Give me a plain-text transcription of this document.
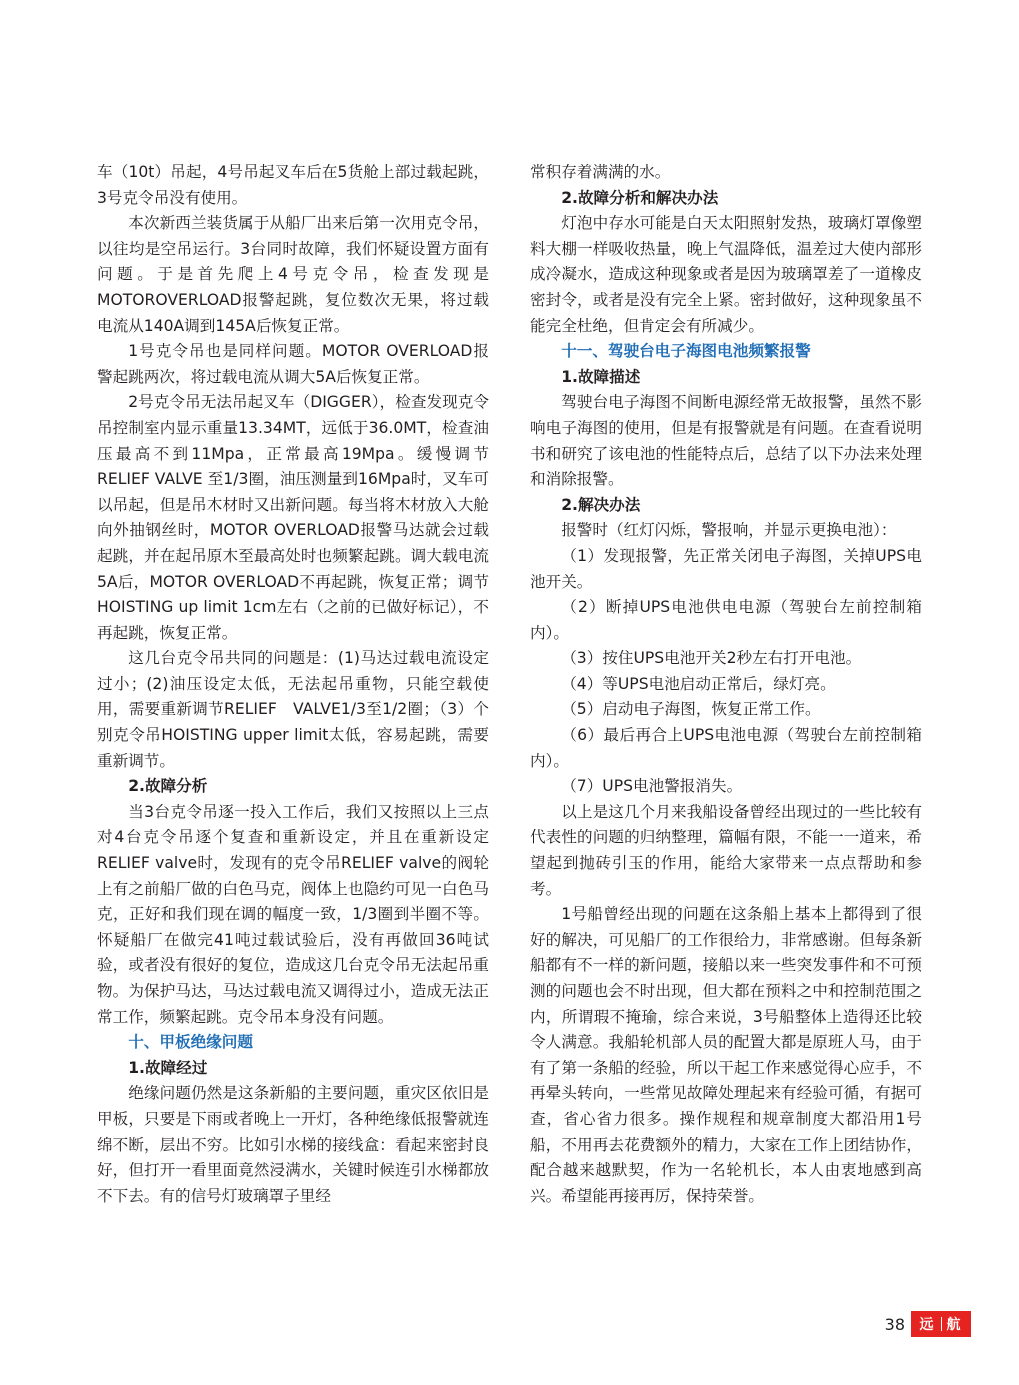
车（10t）吊起，4号吊起叉车后在5货舱上部过载起跳，3号克令吊没有使用。

本次新西兰装货属于从船厂出来后第一次用克令吊，以往均是空吊运行。3台同时故障，我们怀疑设置方面有问题。于是首先爬上4号克令吊，检查发现是MOTOROVERLOAD报警起跳，复位数次无果，将过载电流从140A调到145A后恢复正常。

1号克令吊也是同样问题。MOTOR OVERLOAD报警起跳两次，将过载电流从调大5A后恢复正常。

2号克令吊无法吊起叉车（DIGGER），检查发现克令吊控制室内显示重量13.34MT，远低于36.0MT，检查油压最高不到11Mpa，正常最高19Mpa。缓慢调节RELIEF VALVE 至1/3圈，油压测量到16Mpa时，叉车可以吊起，但是吊木材时又出新问题。每当将木材放入大舱向外抽钢丝时，MOTOR OVERLOAD报警马达就会过载起跳，并在起吊原木至最高处时也频繁起跳。调大载电流5A后，MOTOR OVERLOAD不再起跳，恢复正常；调节HOISTING up limit 1cm左右（之前的已做好标记），不再起跳，恢复正常。

这几台克令吊共同的问题是：(1)马达过载电流设定过小；(2)油压设定太低，无法起吊重物，只能空载使用，需要重新调节RELIEF　VALVE1/3至1/2圈；（3）个别克令吊HOISTING upper limit太低，容易起跳，需要重新调节。

2.故障分析

当3台克令吊逐一投入工作后，我们又按照以上三点对4台克令吊逐个复查和重新设定，并且在重新设定RELIEF valve时，发现有的克令吊RELIEF valve的阀轮上有之前船厂做的白色马克，阀体上也隐约可见一白色马克，正好和我们现在调的幅度一致，1/3圈到半圈不等。怀疑船厂在做完41吨过载试验后，没有再做回36吨试验，或者没有很好的复位，造成这几台克令吊无法起吊重物。为保护马达，马达过载电流又调得过小，造成无法正常工作，频繁起跳。克令吊本身没有问题。

十、甲板绝缘问题
1.故障经过

绝缘问题仍然是这条新船的主要问题，重灾区依旧是甲板，只要是下雨或者晚上一开灯，各种绝缘低报警就连绵不断，层出不穷。比如引水梯的接线盒：看起来密封良好，但打开一看里面竟然浸满水，关键时候连引水梯都放不下去。有的信号灯玻璃罩子里经

常积存着满满的水。

2.故障分析和解决办法

灯泡中存水可能是白天太阳照射发热，玻璃灯罩像塑料大棚一样吸收热量，晚上气温降低，温差过大使内部形成冷凝水，造成这种现象或者是因为玻璃罩差了一道橡皮密封令，或者是没有完全上紧。密封做好，这种现象虽不能完全杜绝，但肯定会有所减少。

十一、驾驶台电子海图电池频繁报警
1.故障描述

驾驶台电子海图不间断电源经常无故报警，虽然不影响电子海图的使用，但是有报警就是有问题。在查看说明书和研究了该电池的性能特点后，总结了以下办法来处理和消除报警。

2.解决办法

报警时（红灯闪烁，警报响，并显示更换电池）：

（1）发现报警，先正常关闭电子海图，关掉UPS电池开关。

（2）断掉UPS电池供电电源（驾驶台左前控制箱内）。

（3）按住UPS电池开关2秒左右打开电池。

（4）等UPS电池启动正常后，绿灯亮。

（5）启动电子海图，恢复正常工作。

（6）最后再合上UPS电池电源（驾驶台左前控制箱内）。

（7）UPS电池警报消失。

以上是这几个月来我船设备曾经出现过的一些比较有代表性的问题的归纳整理，篇幅有限，不能一一道来，希望起到抛砖引玉的作用，能给大家带来一点点帮助和参考。

1号船曾经出现的问题在这条船上基本上都得到了很好的解决，可见船厂的工作很给力，非常感谢。但每条新船都有不一样的新问题，接船以来一些突发事件和不可预测的问题也会不时出现，但大都在预料之中和控制范围之内，所谓瑕不掩瑜，综合来说，3号船整体上造得还比较令人满意。我船轮机部人员的配置大都是原班人马，由于有了第一条船的经验，所以干起工作来感觉得心应手，不再晕头转向，一些常见故障处理起来有经验可循，有据可查，省心省力很多。操作规程和规章制度大都沿用1号船，不用再去花费额外的精力，大家在工作上团结协作，配合越来越默契，作为一名轮机长，本人由衷地感到高兴。希望能再接再厉，保持荣誉。

38 远 航
